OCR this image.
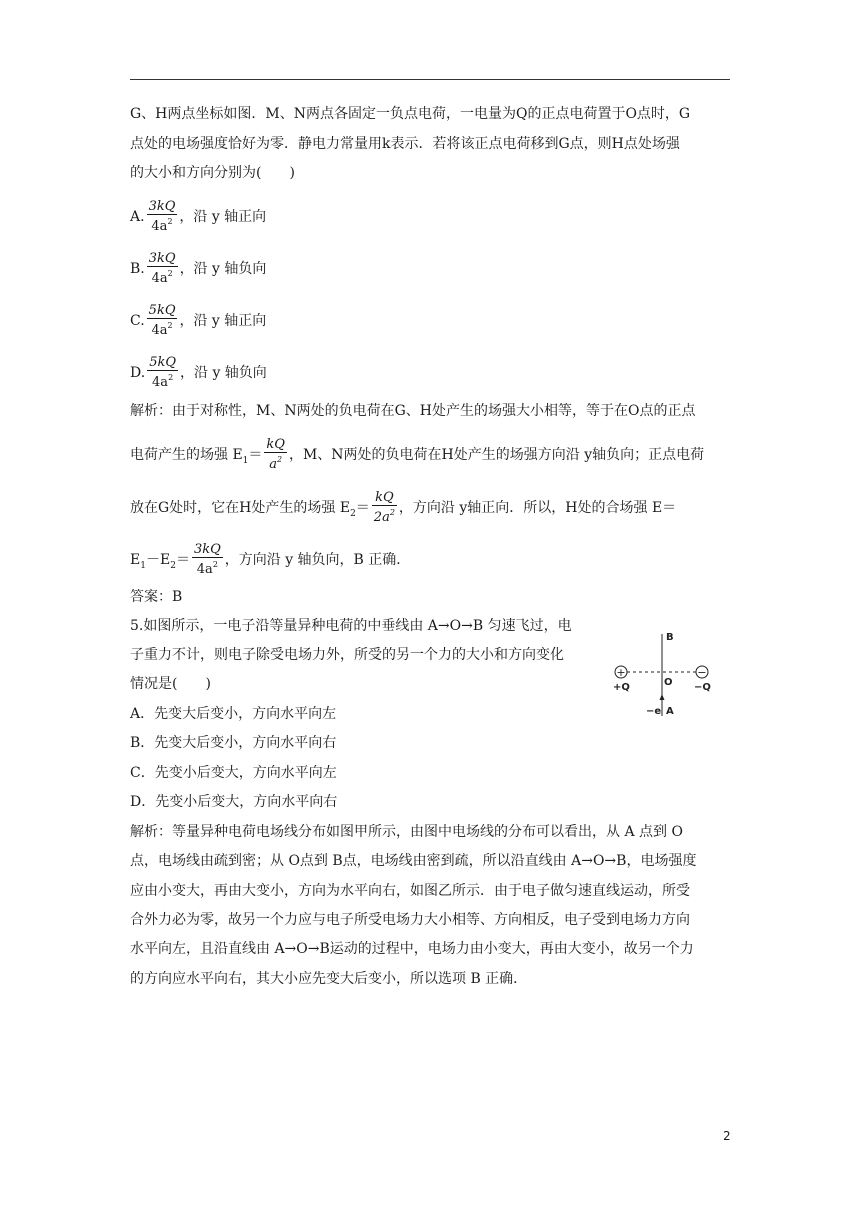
G、H两点坐标如图．M、N两点各固定一负点电荷，一电量为Q的正点电荷置于O点时，G
点处的电场强度恰好为零．静电力常量用k表示．若将该正点电荷移到G点，则H点处场强
的大小和方向分别为(　　)
A. $\frac{3kQ}{4a^2}$ ，沿 y 轴正向
B. $\frac{3kQ}{4a^2}$ ，沿 y 轴负向
C. $\frac{5kQ}{4a^2}$ ，沿 y 轴正向
D. $\frac{5kQ}{4a^2}$ ，沿 y 轴负向
解析：由于对称性，M、N两处的负电荷在G、H处产生的场强大小相等，等于在O点的正点
电荷产生的场强 $E_1= \frac{kQ}{a^2}$ ，M、N两处的负电荷在H处产生的场强方向沿 y轴负向；正点电荷
放在G处时，它在H处产生的场强 $E_2= \frac{kQ}{2a^2}$ ，方向沿 y轴正向．所以，H处的合场强 E＝
$E_1-E_2= \frac{3kQ}{4a^2}$ ，方向沿 y 轴负向，B 正确．
答案：B
5.如图所示，一电子沿等量异种电荷的中垂线由 A→O→B 匀速飞过，电
子重力不计，则电子除受电场力外，所受的另一个力的大小和方向变化
情况是(　　)
A．先变大后变小，方向水平向左
B．先变大后变小，方向水平向右
C．先变小后变大，方向水平向左
D．先变小后变大，方向水平向右
+	−
B
O
A
+Q	−Q
−e
解析：等量异种电荷电场线分布如图甲所示，由图中电场线的分布可以看出，从 A 点到 O
点，电场线由疏到密；从 O点到 B点，电场线由密到疏，所以沿直线由 A→O→B，电场强度
应由小变大，再由大变小，方向为水平向右，如图乙所示．由于电子做匀速直线运动，所受
合外力必为零，故另一个力应与电子所受电场力大小相等、方向相反，电子受到电场力方向
水平向左，且沿直线由 A→O→B运动的过程中，电场力由小变大，再由大变小，故另一个力
的方向应水平向右，其大小应先变大后变小，所以选项 B 正确．
2
